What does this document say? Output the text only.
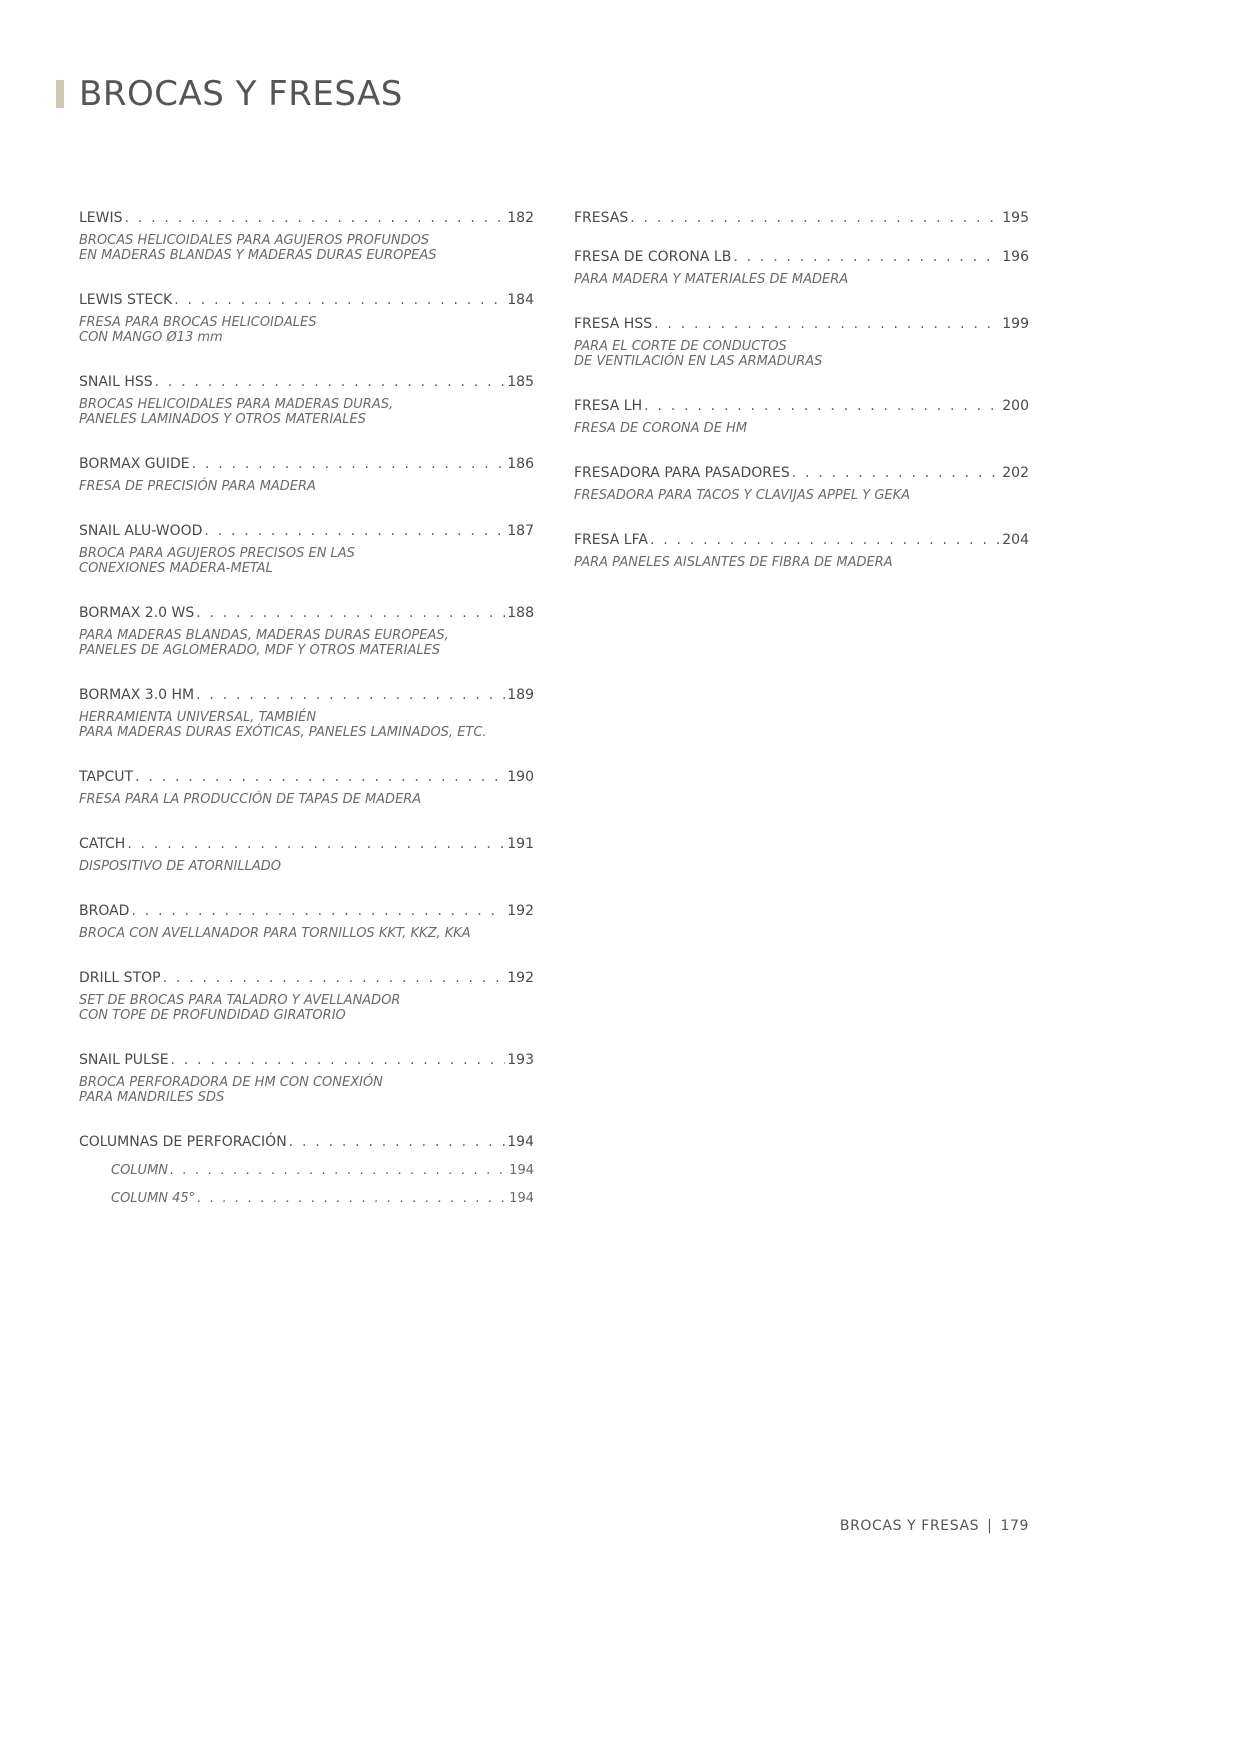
BROCAS Y FRESAS
LEWIS . . .	182

BROCAS HELICOIDALES PARA AGUJEROS PROFUNDOS
EN MADERAS BLANDAS Y MADERAS DURAS EUROPEAS

LEWIS STECK . . .	184

FRESA PARA BROCAS HELICOIDALES
CON MANGO Ø13 mm

SNAIL HSS . . .	185

BROCAS HELICOIDALES PARA MADERAS DURAS,
PANELES LAMINADOS Y OTROS MATERIALES

BORMAX GUIDE . . .	186

FRESA DE PRECISIÓN PARA MADERA

SNAIL ALU-WOOD . . .	187

BROCA PARA AGUJEROS PRECISOS EN LAS
CONEXIONES MADERA-METAL

BORMAX 2.0 WS . . .	188

PARA MADERAS BLANDAS, MADERAS DURAS EUROPEAS,
PANELES DE AGLOMERADO, MDF Y OTROS MATERIALES

BORMAX 3.0 HM . . .	189

HERRAMIENTA UNIVERSAL, TAMBIÉN
PARA MADERAS DURAS EXÓTICAS, PANELES LAMINADOS, ETC.

TAPCUT . . .	190

FRESA PARA LA PRODUCCIÓN DE TAPAS DE MADERA

CATCH . . .	191

DISPOSITIVO DE ATORNILLADO

BROAD . . .	192

BROCA CON AVELLANADOR PARA TORNILLOS KKT, KKZ, KKA

DRILL STOP . . .	192

SET DE BROCAS PARA TALADRO Y AVELLANADOR
CON TOPE DE PROFUNDIDAD GIRATORIO

SNAIL PULSE . . .	193

BROCA PERFORADORA DE HM CON CONEXIÓN
PARA MANDRILES SDS

COLUMNAS DE PERFORACIÓN . . .	194
COLUMN . . .	194
COLUMN 45° . . .	194
FRESAS . . .	195
FRESA DE CORONA LB . . .	196

PARA MADERA Y MATERIALES DE MADERA

FRESA HSS . . .	199

PARA EL CORTE DE CONDUCTOS
DE VENTILACIÓN EN LAS ARMADURAS

FRESA LH . . .	200

FRESA DE CORONA DE HM

FRESADORA PARA PASADORES . . .	202

FRESADORA PARA TACOS Y CLAVIJAS APPEL Y GEKA

FRESA LFA . . .	204

PARA PANELES AISLANTES DE FIBRA DE MADERA

BROCAS Y FRESAS | 179
